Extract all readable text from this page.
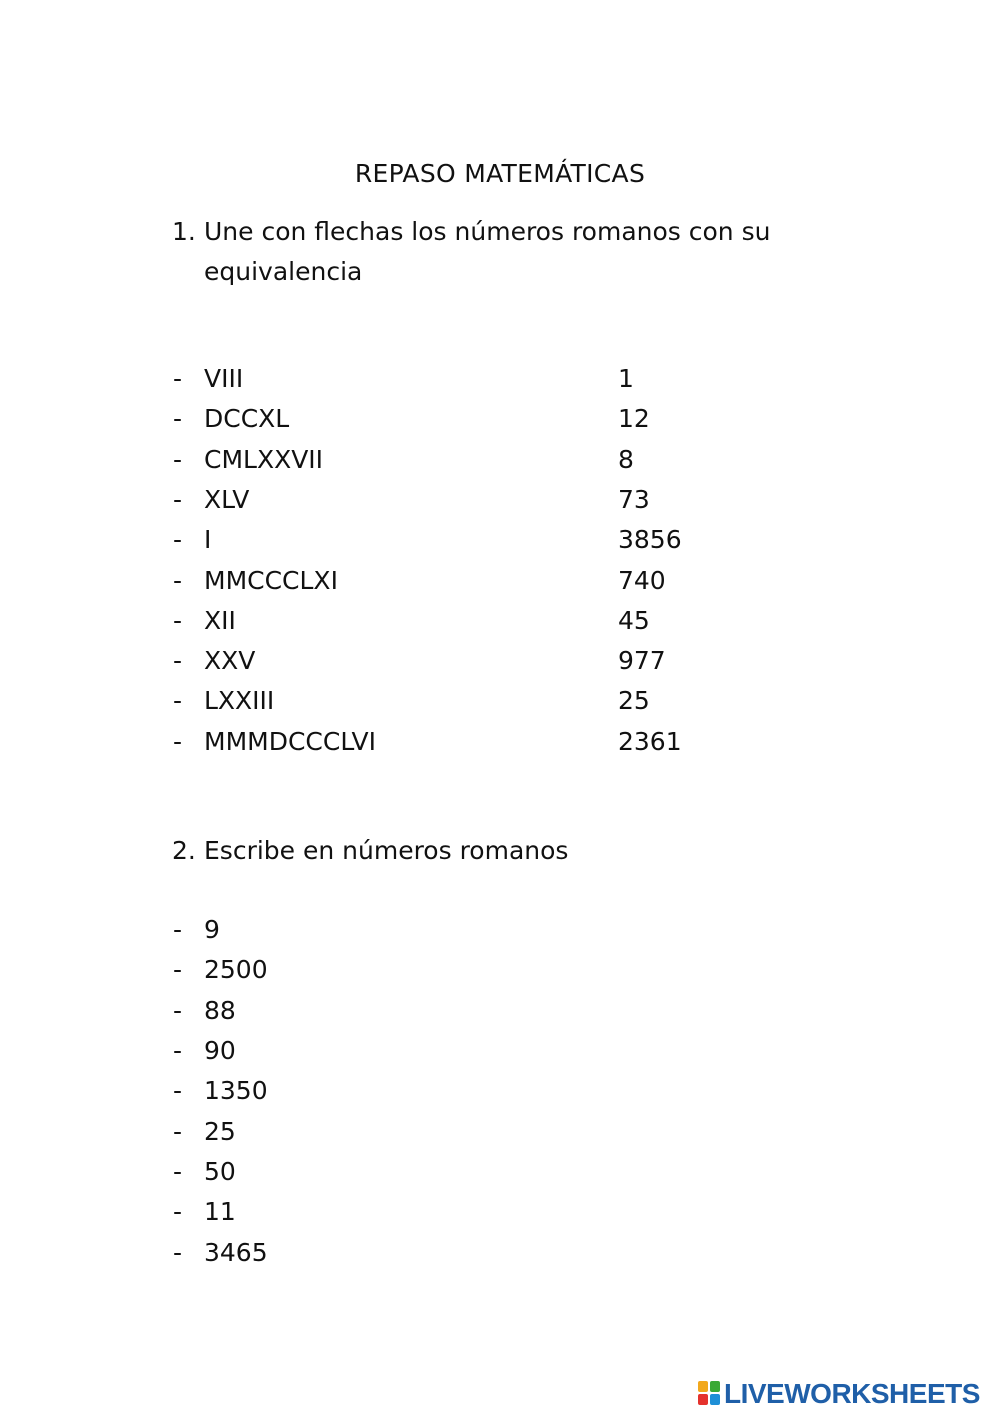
REPASO MATEMÁTICAS
1. Une con flechas los números romanos con su
equivalencia
- VIII	1
- DCCXL	12
- CMLXXVII	8
- XLV	73
- I	3856
- MMCCCLXI	740
- XII	45
- XXV	977
- LXXIII	25
- MMMDCCCLVI	2361
2. Escribe en números romanos
- 9
- 2500
- 88
- 90
- 1350
- 25
- 50
- 11
- 3465
LIVEWORKSHEETS
